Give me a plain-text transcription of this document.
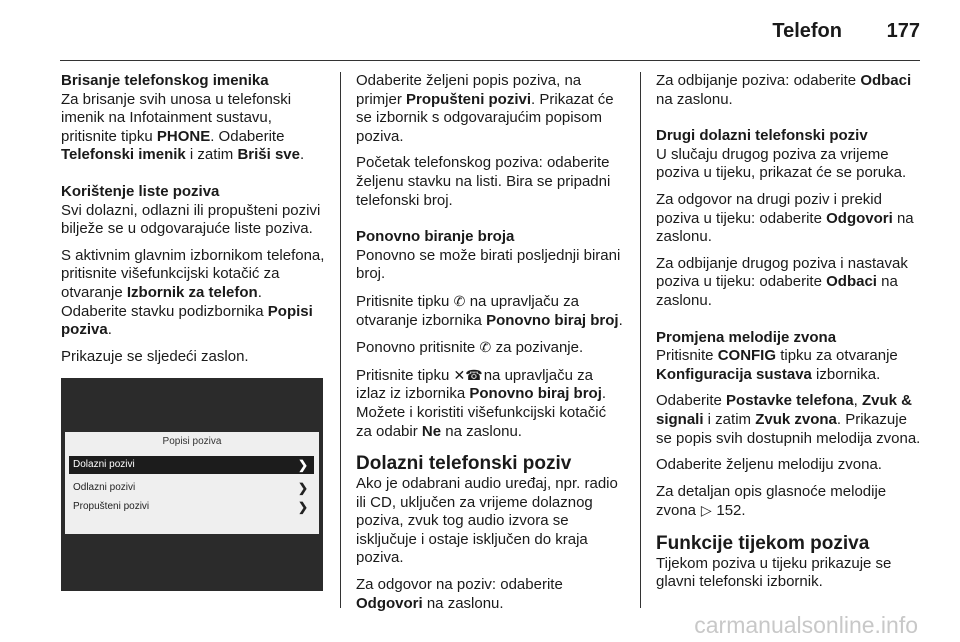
Telefon 177
Brisanje telefonskog imenika

Za brisanje svih unosa u telefonski imenik na Infotainment sustavu, pritisnite tipku PHONE. Odaberite Telefonski imenik i zatim Briši sve.

Korištenje liste poziva

Svi dolazni, odlazni ili propušteni pozivi bilježe se u odgovarajuće liste poziva.

S aktivnim glavnim izbornikom telefona, pritisnite višefunkcijski kotačić za otvaranje Izbornik za telefon. Odaberite stavku podizbornika Popisi poziva.

Prikazuje se sljedeći zaslon.

Popisi poziva
Dolazni pozivi	❯
Odlazni pozivi	❯
Propušteni pozivi	❯

Odaberite željeni popis poziva, na primjer Propušteni pozivi. Prikazat će se izbornik s odgovarajućim popisom poziva.

Početak telefonskog poziva: odaberite željenu stavku na listi. Bira se pripadni telefonski broj.

Ponovno biranje broja

Ponovno se može birati posljednji birani broj.

Pritisnite tipku ✆ na upravljaču za otvaranje izbornika Ponovno biraj broj.

Ponovno pritisnite ✆ za pozivanje.

Pritisnite tipku ✕☎ na upravljaču za izlaz iz izbornika Ponovno biraj broj. Možete i koristiti višefunkcijski kotačić za odabir Ne na zaslonu.

Dolazni telefonski poziv

Ako je odabrani audio uređaj, npr. radio ili CD, uključen za vrijeme dolaznog poziva, zvuk tog audio izvora se isključuje i ostaje isključen do kraja poziva.

Za odgovor na poziv: odaberite Odgovori na zaslonu.

Za odbijanje poziva: odaberite Odbaci na zaslonu.

Drugi dolazni telefonski poziv

U slučaju drugog poziva za vrijeme poziva u tijeku, prikazat će se poruka.

Za odgovor na drugi poziv i prekid poziva u tijeku: odaberite Odgovori na zaslonu.

Za odbijanje drugog poziva i nastavak poziva u tijeku: odaberite Odbaci na zaslonu.

Promjena melodije zvona

Pritisnite CONFIG tipku za otvaranje Konfiguracija sustava izbornika.

Odaberite Postavke telefona, Zvuk & signali i zatim Zvuk zvona. Prikazuje se popis svih dostupnih melodija zvona.

Odaberite željenu melodiju zvona.

Za detaljan opis glasnoće melodije zvona ▷ 152.

Funkcije tijekom poziva

Tijekom poziva u tijeku prikazuje se glavni telefonski izbornik.

carmanualsonline.info
